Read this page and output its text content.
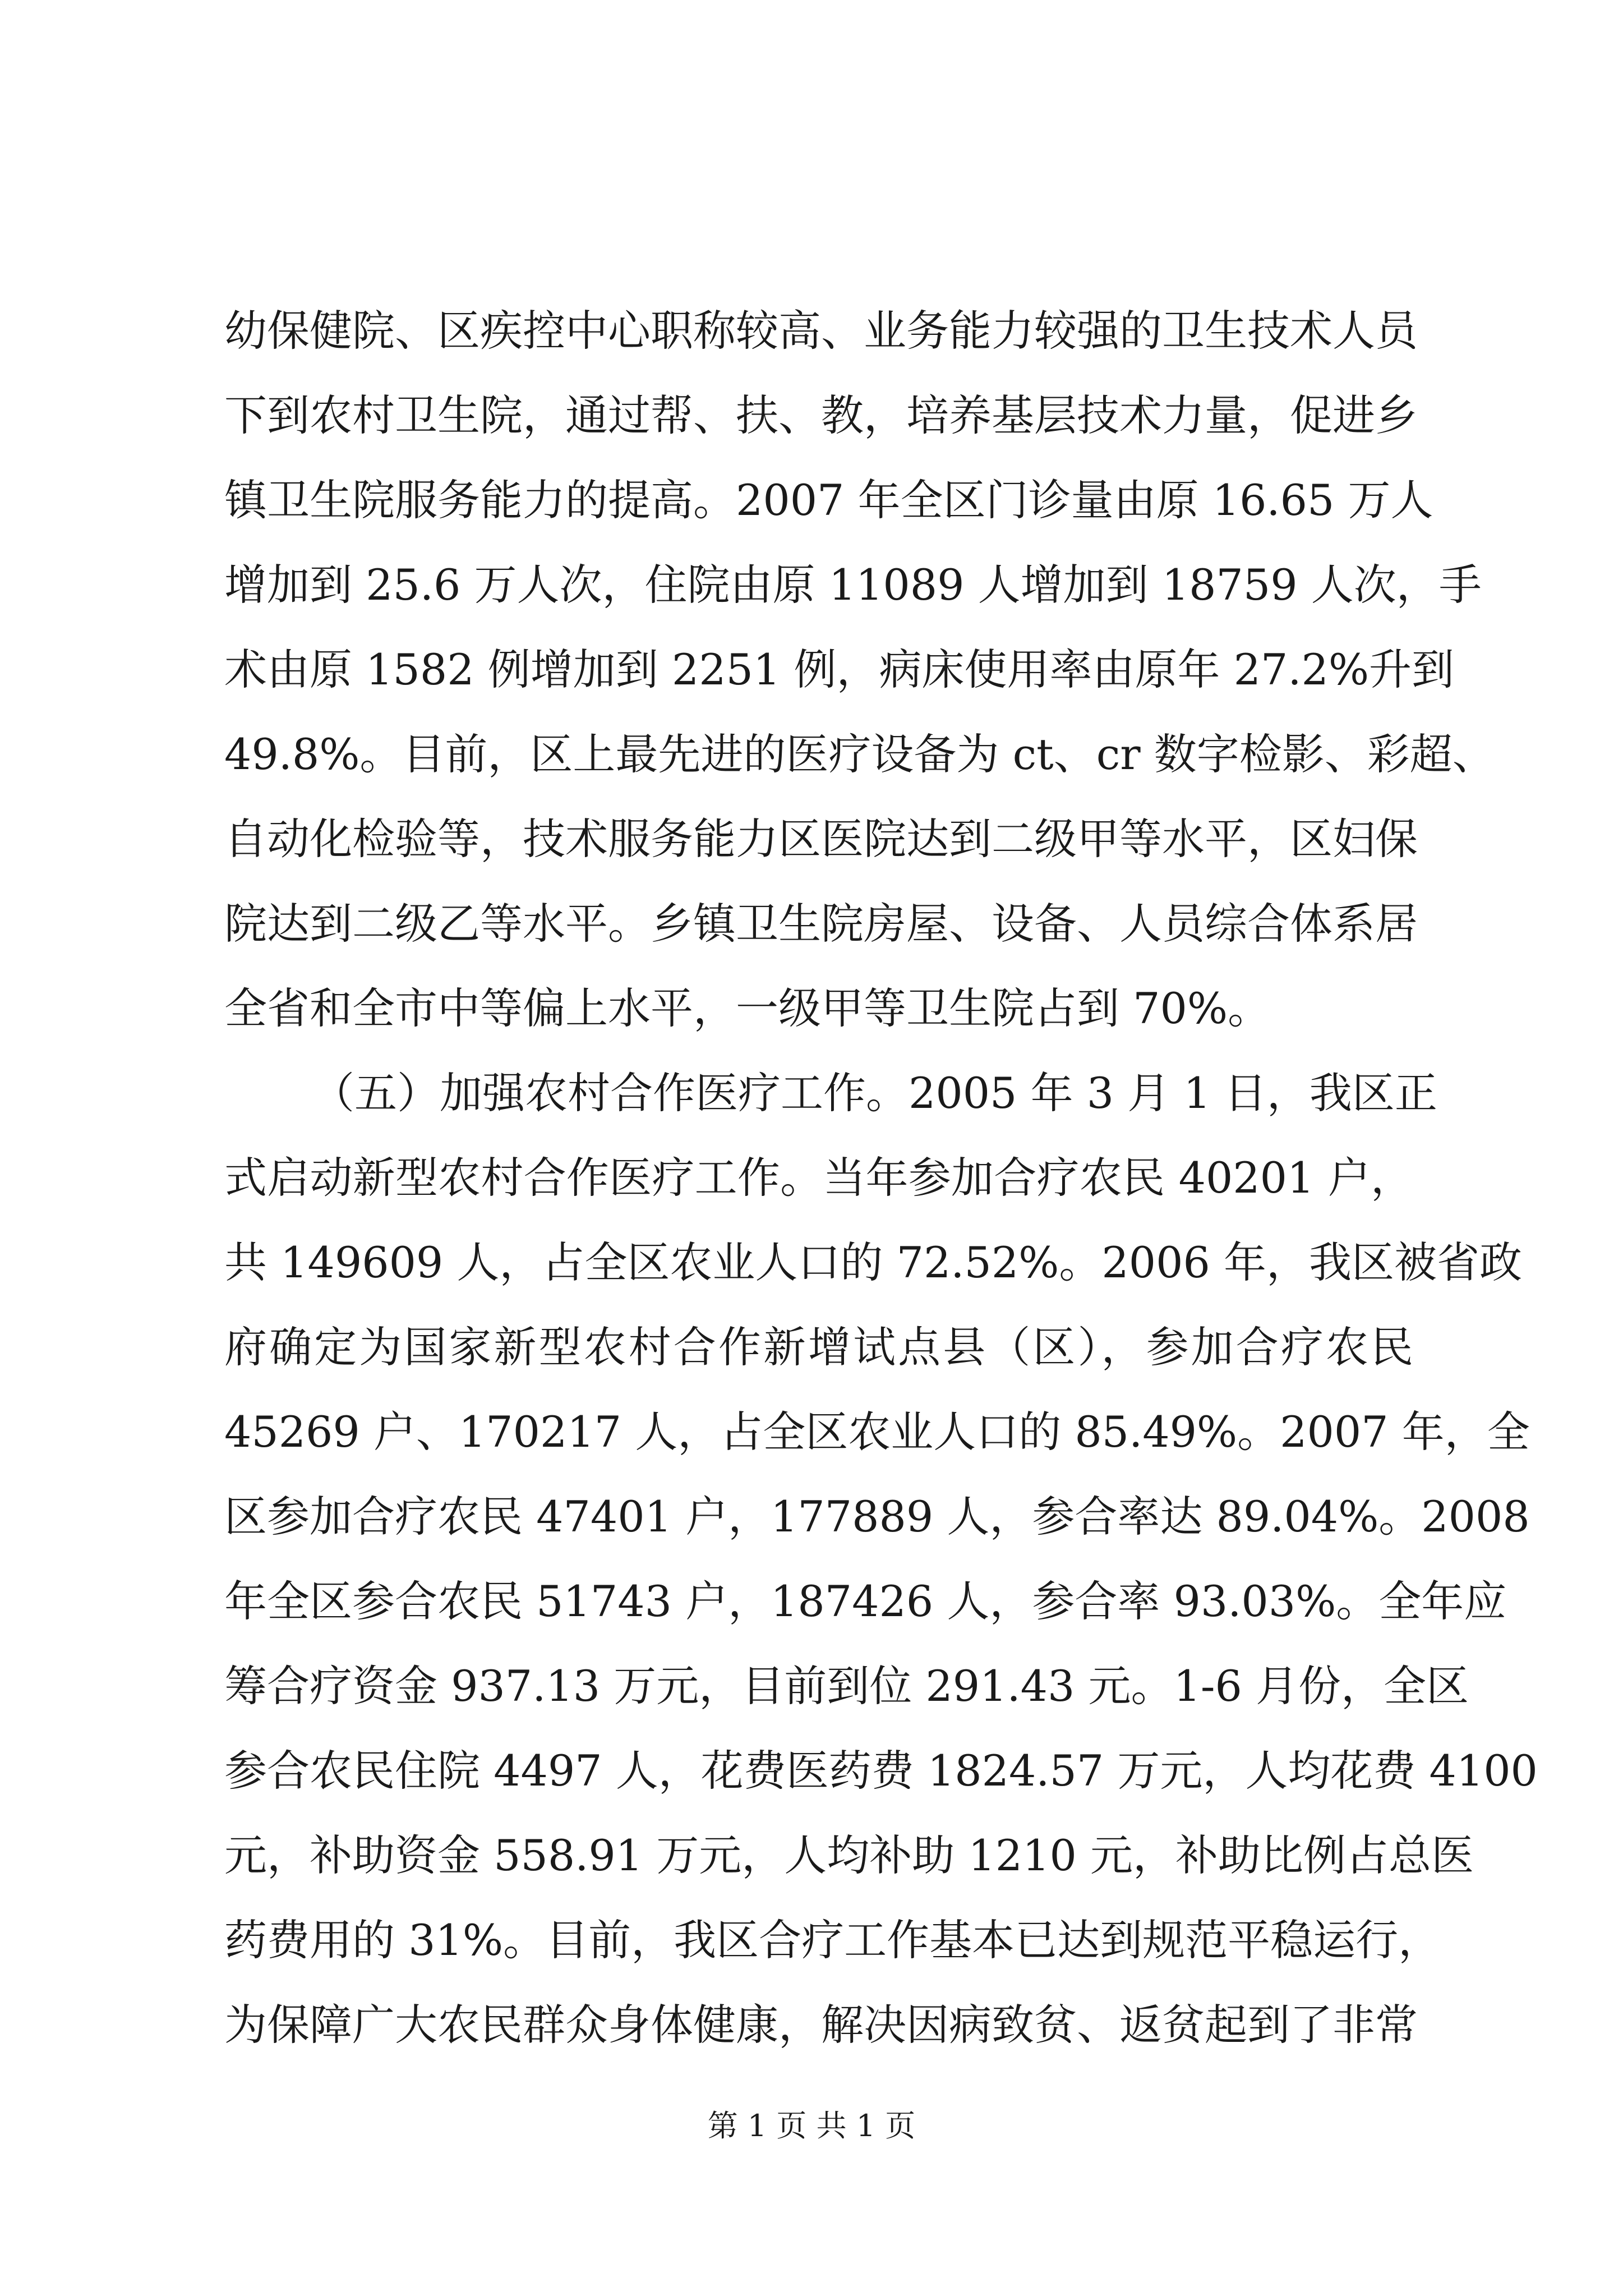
幼保健院、区疾控中心职称较高、业务能力较强的卫生技术人员
下到农村卫生院，通过帮、扶、教，培养基层技术力量，促进乡
镇卫生院服务能力的提高。2007 年全区门诊量由原 16.65 万人
增加到 25.6 万人次，住院由原 11089 人增加到 18759 人次，手
术由原 1582 例增加到 2251 例，病床使用率由原年 27.2%升到
49.8%。目前，区上最先进的医疗设备为 ct、cr 数字检影、彩超、
自动化检验等，技术服务能力区医院达到二级甲等水平，区妇保
院达到二级乙等水平。乡镇卫生院房屋、设备、人员综合体系居
全省和全市中等偏上水平，一级甲等卫生院占到 70%。
（五）加强农村合作医疗工作。2005 年 3 月 1 日，我区正
式启动新型农村合作医疗工作。当年参加合疗农民 40201 户，
共 149609 人，占全区农业人口的 72.52%。2006 年，我区被省政
府确定为国家新型农村合作新增试点县（区），参加合疗农民
45269 户、170217 人，占全区农业人口的 85.49%。2007 年，全
区参加合疗农民 47401 户，177889 人，参合率达 89.04%。2008
年全区参合农民 51743 户，187426 人，参合率 93.03%。全年应
筹合疗资金 937.13 万元，目前到位 291.43 元。1-6 月份，全区
参合农民住院 4497 人，花费医药费 1824.57 万元，人均花费 4100
元，补助资金 558.91 万元，人均补助 1210 元，补助比例占总医
药费用的 31%。目前，我区合疗工作基本已达到规范平稳运行，
为保障广大农民群众身体健康，解决因病致贫、返贫起到了非常
第 1 页 共 1 页
